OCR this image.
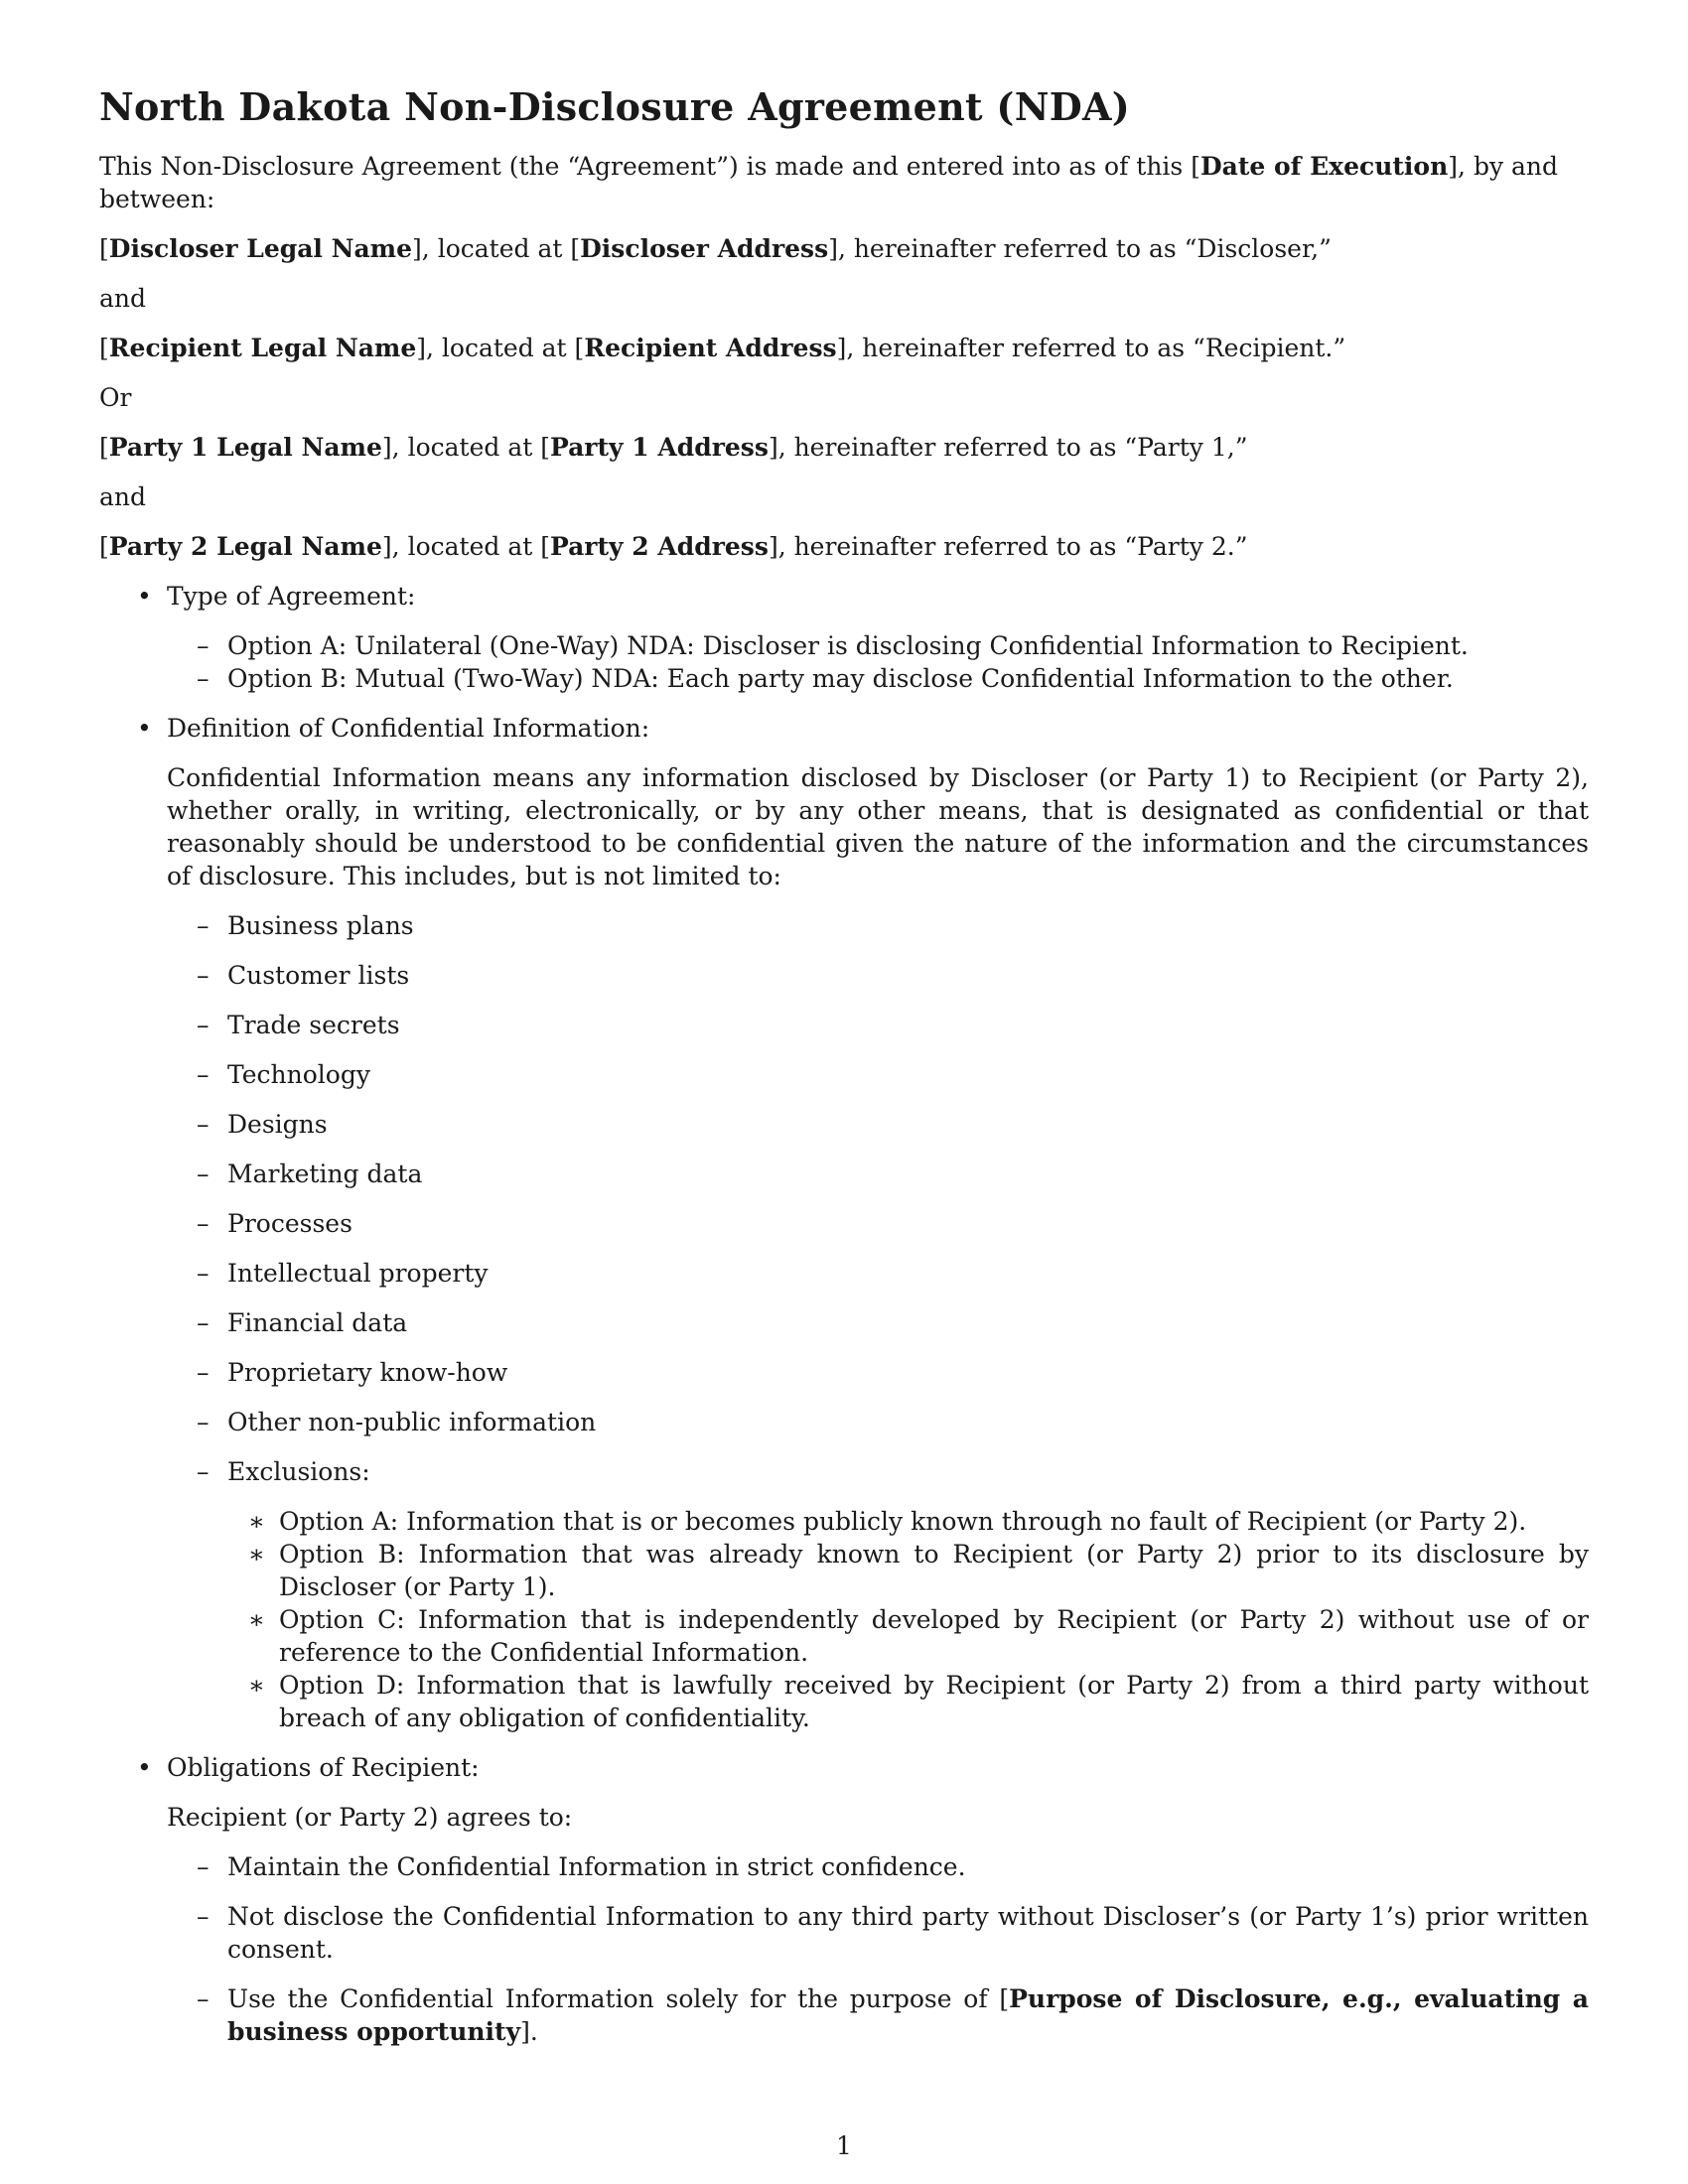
North Dakota Non-Disclosure Agreement (NDA)

This Non-Disclosure Agreement (the “Agreement”) is made and entered into as of this [Date of Execution], by and between:

[Discloser Legal Name], located at [Discloser Address], hereinafter referred to as “Discloser,”

and

[Recipient Legal Name], located at [Recipient Address], hereinafter referred to as “Recipient.”

Or

[Party 1 Legal Name], located at [Party 1 Address], hereinafter referred to as “Party 1,”

and

[Party 2 Legal Name], located at [Party 2 Address], hereinafter referred to as “Party 2.”

• Type of Agreement:
– Option A: Unilateral (One-Way) NDA: Discloser is disclosing Confidential Information to Recipient.
– Option B: Mutual (Two-Way) NDA: Each party may disclose Confidential Information to the other.
• Definition of Confidential Information:

Confidential Information means any information disclosed by Discloser (or Party 1) to Recipient (or Party 2), whether orally, in writing, electronically, or by any other means, that is designated as confidential or that reasonably should be understood to be confidential given the nature of the information and the circumstances of disclosure. This includes, but is not limited to:

– Business plans
– Customer lists
– Trade secrets
– Technology
– Designs
– Marketing data
– Processes
– Intellectual property
– Financial data
– Proprietary know-how
– Other non-public information
– Exclusions:
∗ Option A: Information that is or becomes publicly known through no fault of Recipient (or Party 2).
∗ Option B: Information that was already known to Recipient (or Party 2) prior to its disclosure by Discloser (or Party 1).
∗ Option C: Information that is independently developed by Recipient (or Party 2) without use of or reference to the Confidential Information.
∗ Option D: Information that is lawfully received by Recipient (or Party 2) from a third party without breach of any obligation of confidentiality.
• Obligations of Recipient:

Recipient (or Party 2) agrees to:

– Maintain the Confidential Information in strict confidence.
– Not disclose the Confidential Information to any third party without Discloser’s (or Party 1’s) prior written consent.
– Use the Confidential Information solely for the purpose of [Purpose of Disclosure, e.g., evaluating a business opportunity].
1
